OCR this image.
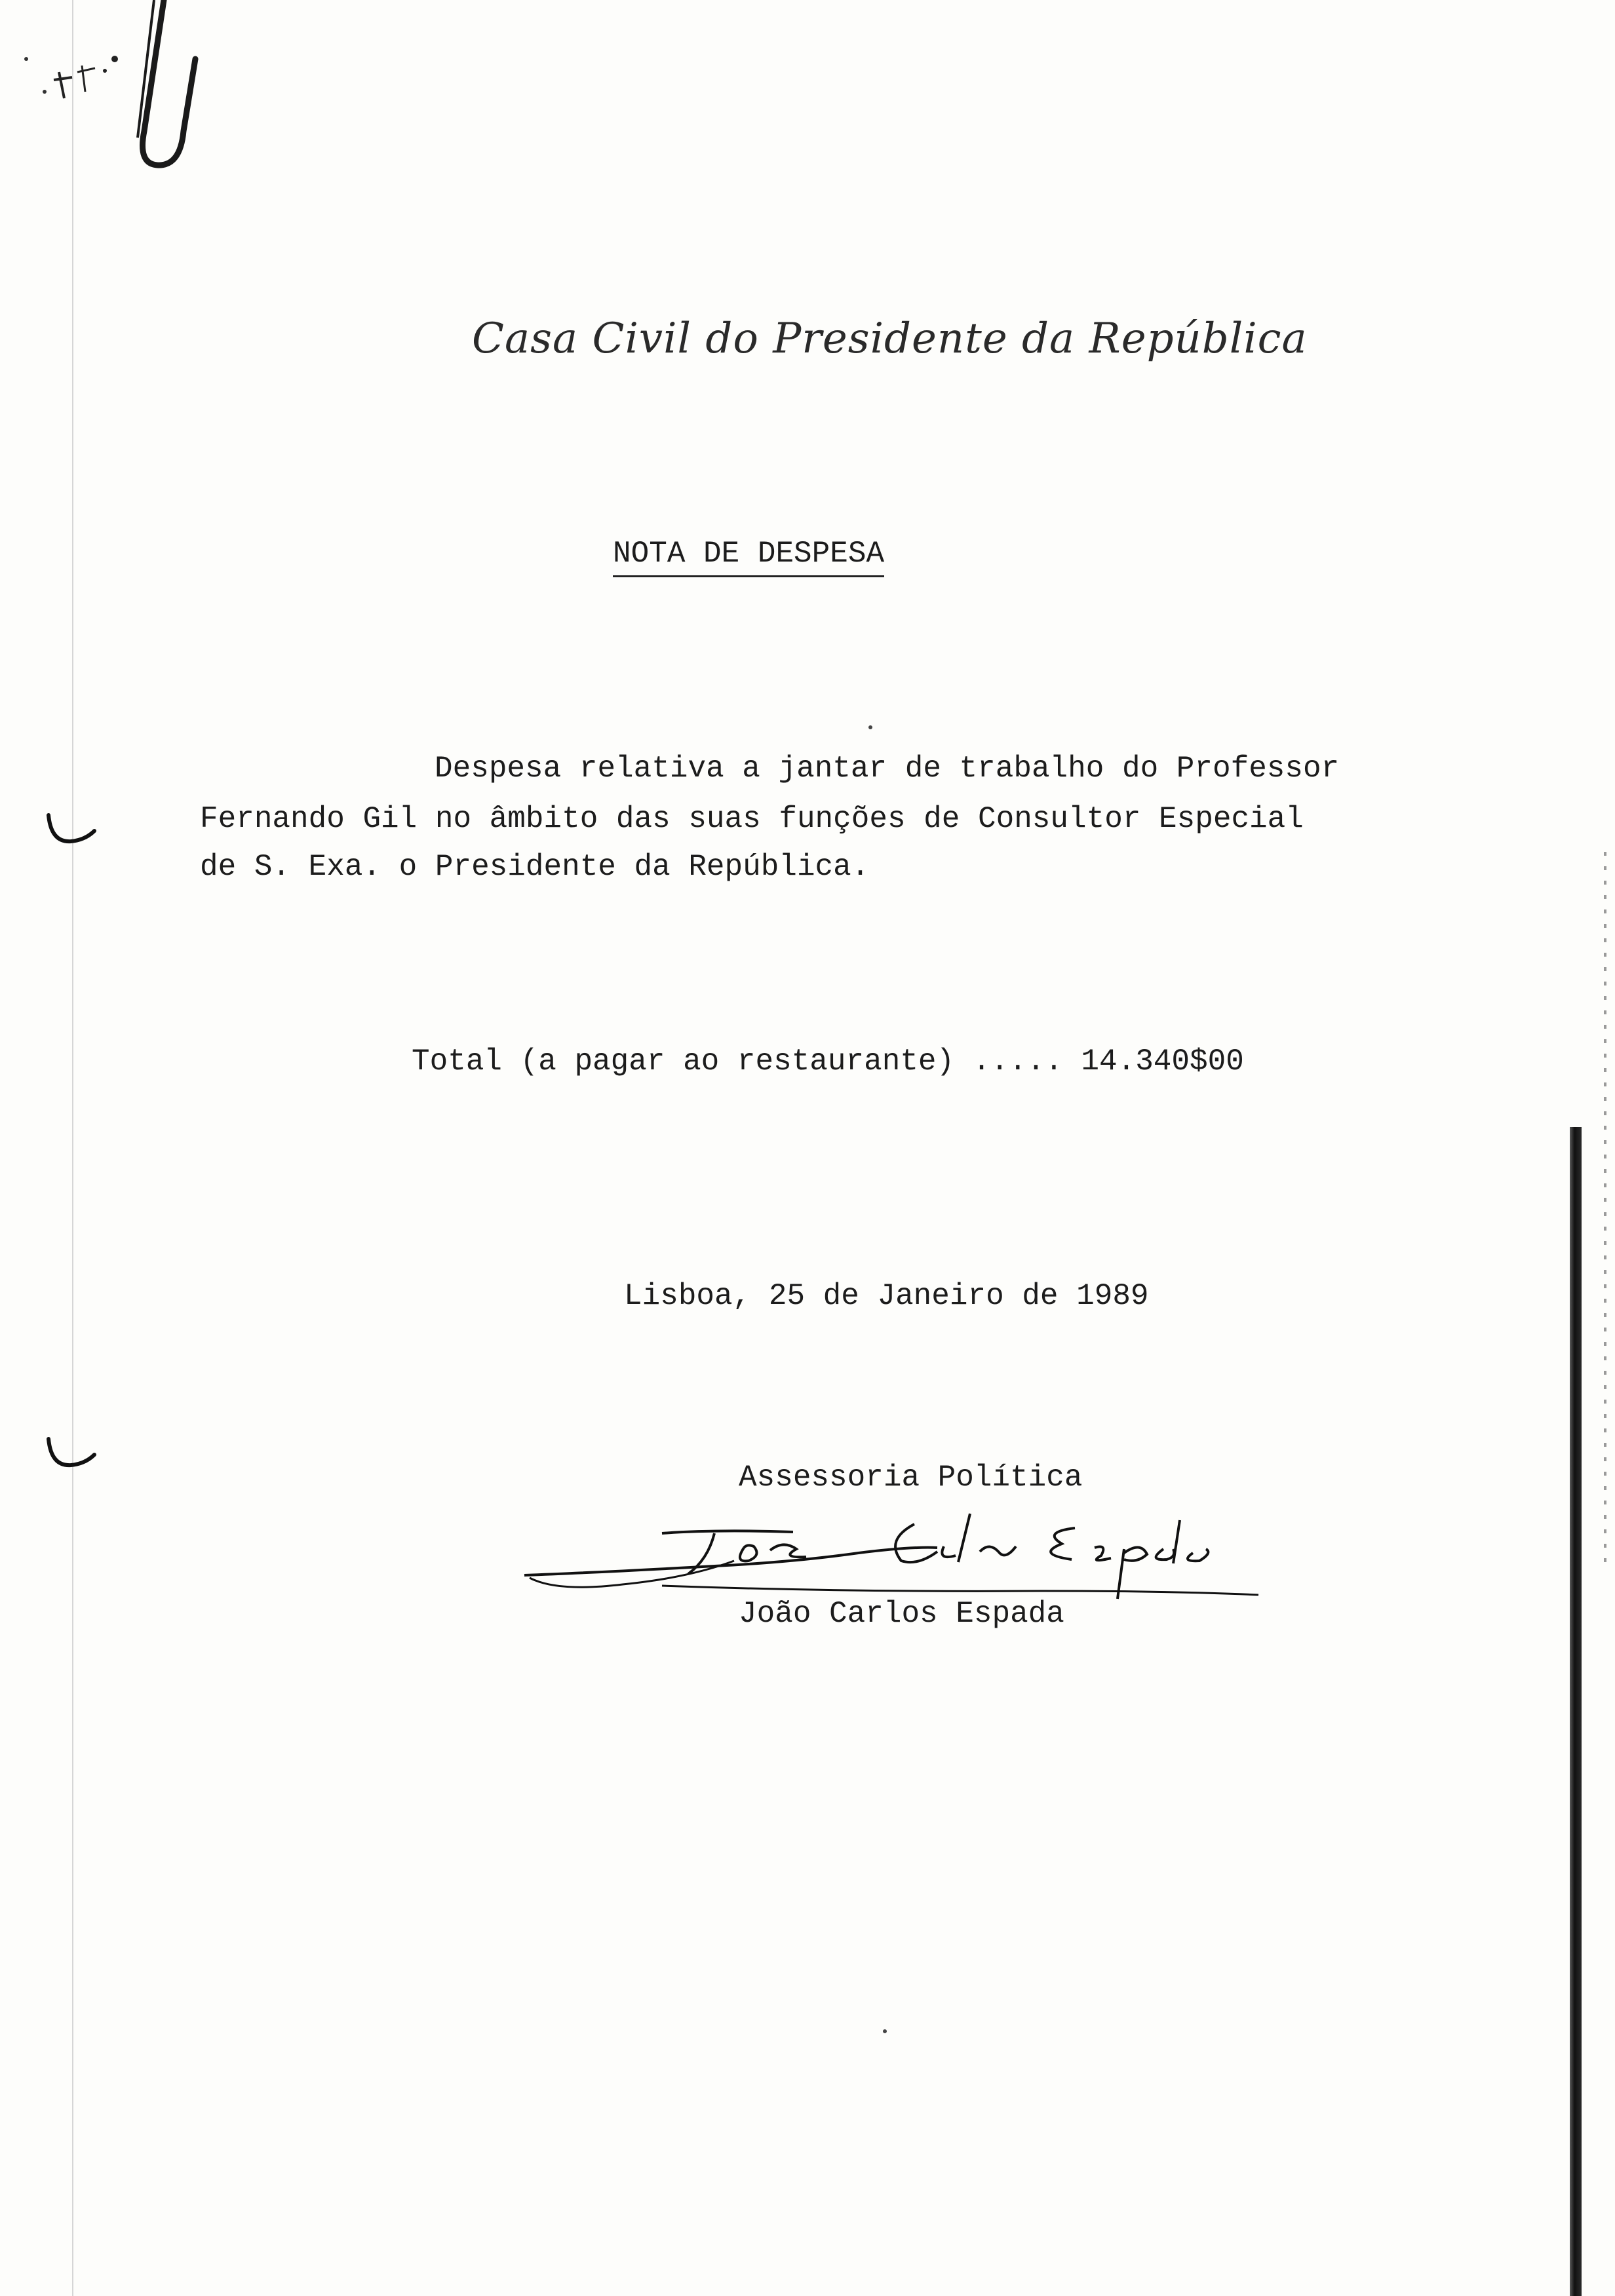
Casa Civil do Presidente da República
NOTA DE DESPESA
Despesa relativa a jantar de trabalho do Professor
Fernando Gil no âmbito das suas funções de Consultor Especial
de S. Exa. o Presidente da República.
Total (a pagar ao restaurante) ..... 14.340$00
Lisboa, 25 de Janeiro de 1989
Assessoria Política
João Carlos Espada
